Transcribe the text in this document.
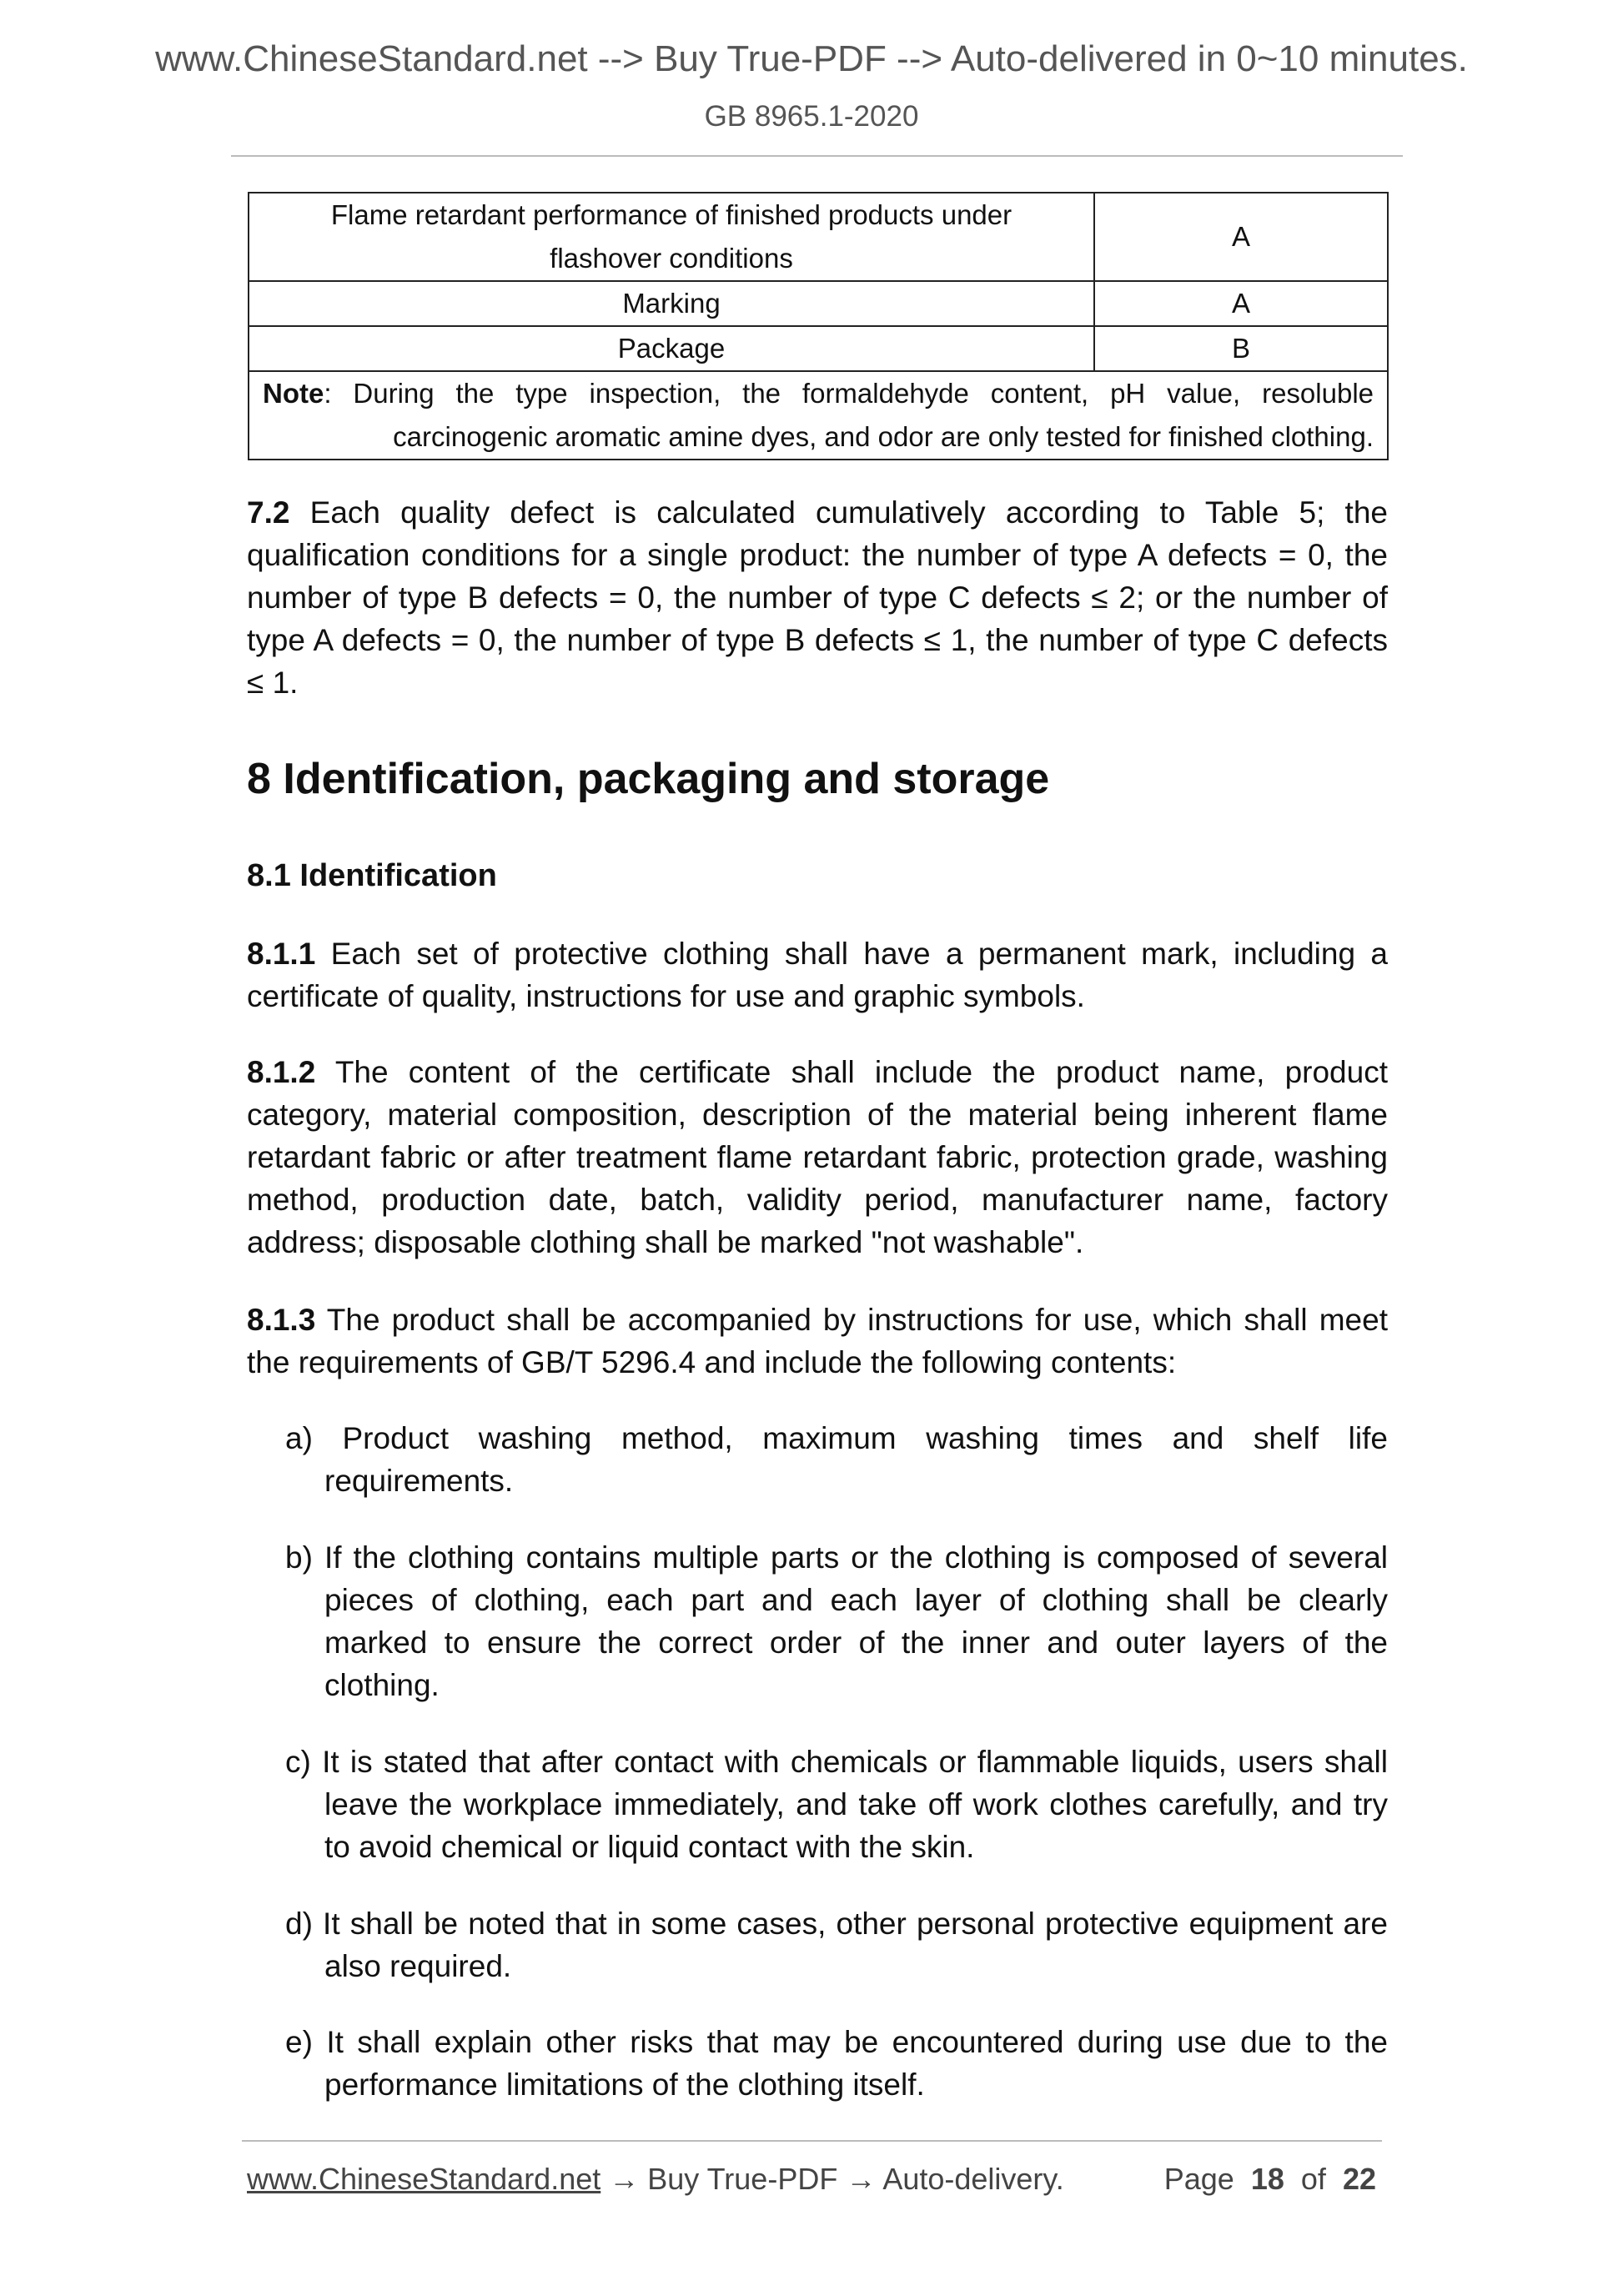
www.ChineseStandard.net --> Buy True-PDF --> Auto-delivered in 0~10 minutes.
GB 8965.1-2020
Flame retardant performance of finished products under flashover conditions	A
Marking	A
Package	B
Note: During the type inspection, the formaldehyde content, pH value, resoluble
carcinogenic aromatic amine dyes, and odor are only tested for finished clothing.	
7.2 Each quality defect is calculated cumulatively according to Table 5; the qualification conditions for a single product: the number of type A defects = 0, the number of type B defects = 0, the number of type C defects ≤ 2; or the number of type A defects = 0, the number of type B defects ≤ 1, the number of type C defects ≤ 1.
8 Identification, packaging and storage
8.1 Identification
8.1.1 Each set of protective clothing shall have a permanent mark, including a certificate of quality, instructions for use and graphic symbols.
8.1.2 The content of the certificate shall include the product name, product category, material composition, description of the material being inherent flame retardant fabric or after treatment flame retardant fabric, protection grade, washing method, production date, batch, validity period, manufacturer name, factory address; disposable clothing shall be marked "not washable".
8.1.3 The product shall be accompanied by instructions for use, which shall meet the requirements of GB/T 5296.4 and include the following contents:
a) Product washing method, maximum washing times and shelf life requirements.
b) If the clothing contains multiple parts or the clothing is composed of several pieces of clothing, each part and each layer of clothing shall be clearly marked to ensure the correct order of the inner and outer layers of the clothing.
c) It is stated that after contact with chemicals or flammable liquids, users shall leave the workplace immediately, and take off work clothes carefully, and try to avoid chemical or liquid contact with the skin.
d) It shall be noted that in some cases, other personal protective equipment are also required.
e) It shall explain other risks that may be encountered during use due to the performance limitations of the clothing itself.
www.ChineseStandard.net → Buy True-PDF → Auto-delivery.	Page 18 of 22
